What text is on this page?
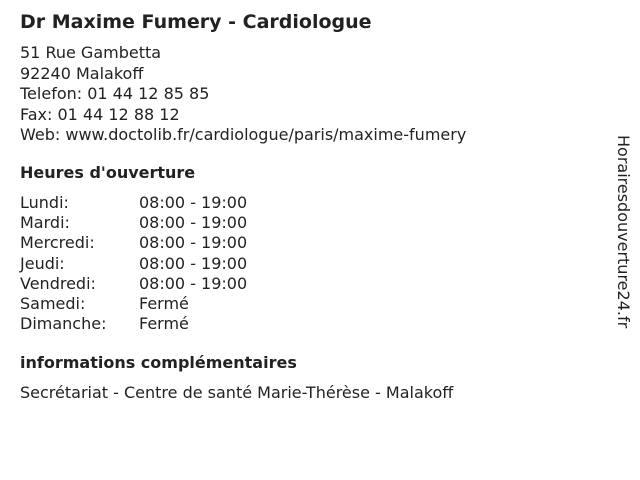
Dr Maxime Fumery - Cardiologue
51 Rue Gambetta
92240 Malakoff
Telefon: 01 44 12 85 85
Fax: 01 44 12 88 12
Web: www.doctolib.fr/cardiologue/paris/maxime-fumery
Heures d'ouverture
Lundi:	08:00 - 19:00
Mardi:	08:00 - 19:00
Mercredi:	08:00 - 19:00
Jeudi:	08:00 - 19:00
Vendredi:	08:00 - 19:00
Samedi:	Fermé
Dimanche:	Fermé
informations complémentaires
Secrétariat - Centre de santé Marie-Thérèse - Malakoff
Horairesdouverture24.fr
